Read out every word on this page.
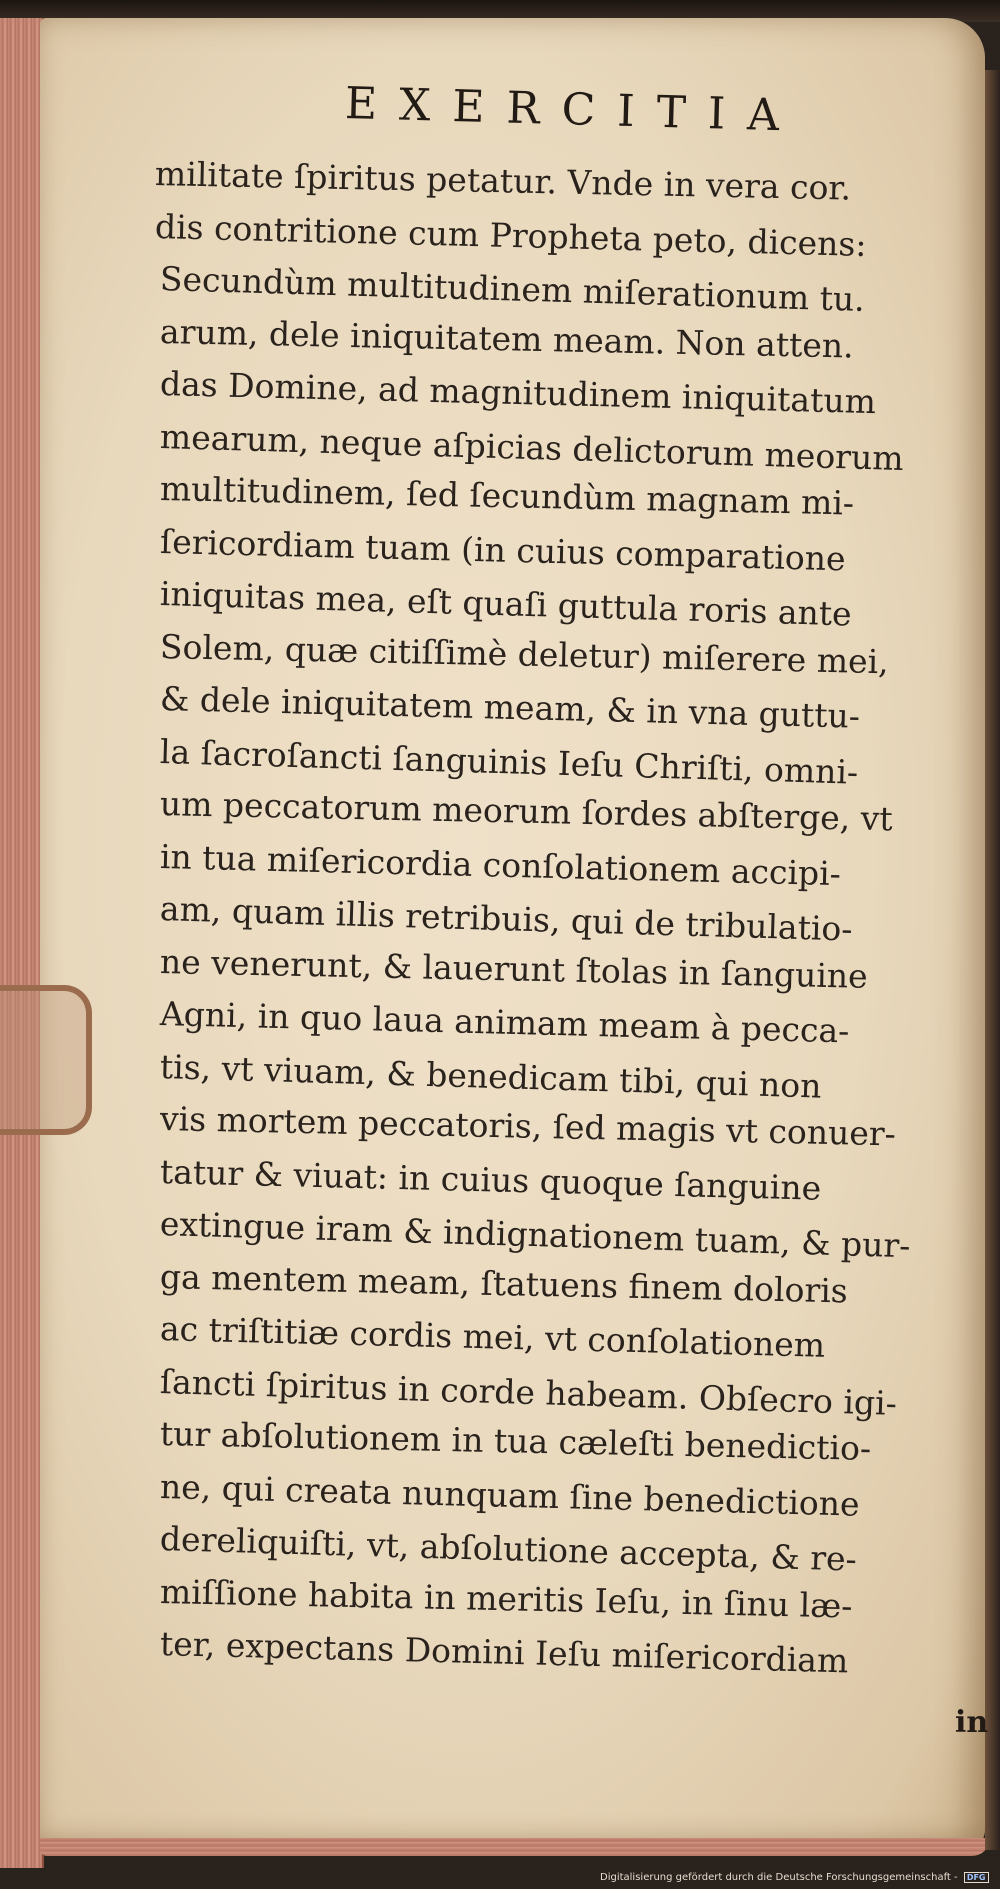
EXERCITIA
militate ſpiritus petatur. Vnde in vera cor.
dis contritione cum Propheta peto, dicens:
Secundùm multitudinem miſerationum tu.
arum, dele iniquitatem meam. Non atten.
das Domine, ad magnitudinem iniquitatum
mearum, neque aſpicias delictorum meorum
multitudinem, ſed ſecundùm magnam mi-
ſericordiam tuam (in cuius comparatione
iniquitas mea, eſt quaſi guttula roris ante
Solem, quæ citiſſimè deletur) miſerere mei,
& dele iniquitatem meam, & in vna guttu-
la ſacroſancti ſanguinis Ieſu Chriſti, omni-
um peccatorum meorum ſordes abſterge, vt
in tua miſericordia conſolationem accipi-
am, quam illis retribuis, qui de tribulatio-
ne venerunt, & lauerunt ſtolas in ſanguine
Agni, in quo laua animam meam à pecca-
tis, vt viuam, & benedicam tibi, qui non
vis mortem peccatoris, ſed magis vt conuer-
tatur & viuat: in cuius quoque ſanguine
extingue iram & indignationem tuam, & pur-
ga mentem meam, ſtatuens finem doloris
ac triſtitiæ cordis mei, vt conſolationem
ſancti ſpiritus in corde habeam. Obſecro igi-
tur abſolutionem in tua cæleſti benedictio-
ne, qui creata nunquam ſine benedictione
dereliquiſti, vt, abſolutione accepta, & re-
miſſione habita in meritis Ieſu, in ſinu læ-
ter, expectans Domini Ieſu miſericordiam
in
Digitalisierung gefördert durch die Deutsche Forschungsgemeinschaft - DFG
